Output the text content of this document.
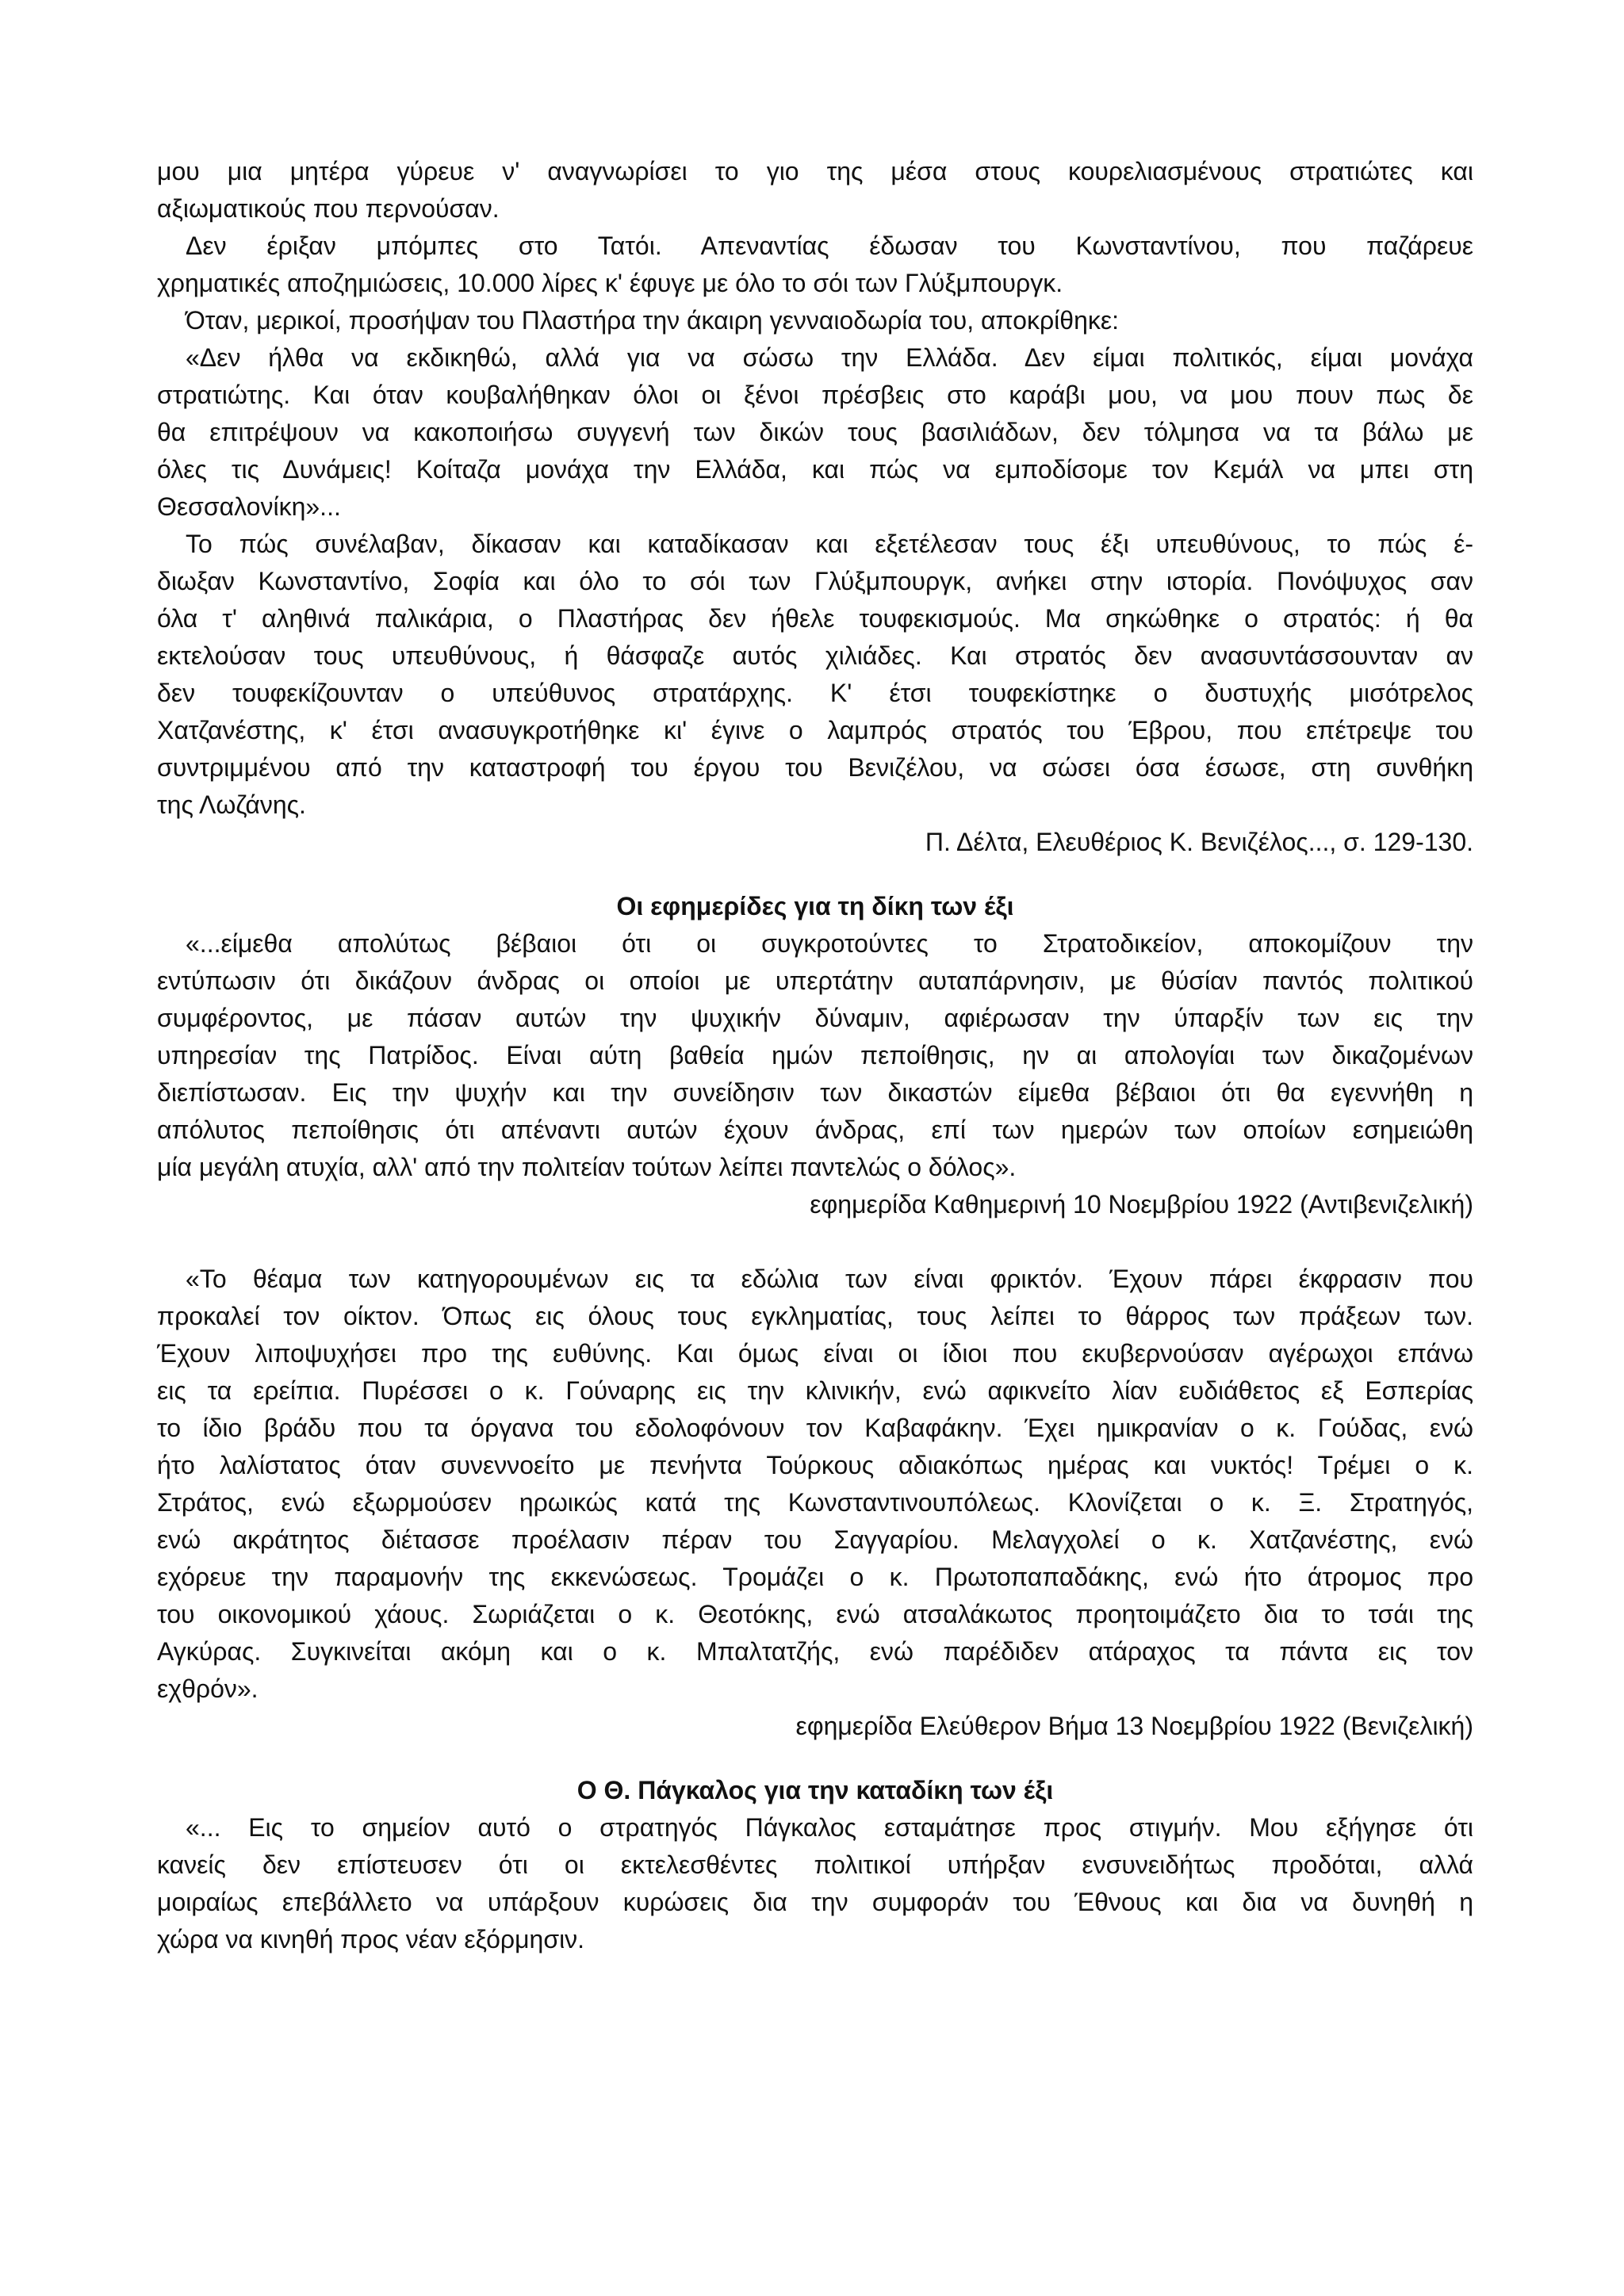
μου μια μητέρα γύρευε ν' αναγνωρίσει το γιο της μέσα στους κουρελιασμένους στρατιώτες και
αξιωματικούς που περνούσαν.
Δεν έριξαν μπόμπες στο Τατόι. Απεναντίας έδωσαν του Κωνσταντίνου, που παζάρευε
χρηματικές αποζημιώσεις, 10.000 λίρες κ' έφυγε με όλο το σόι των Γλύξμπουργκ.
Όταν, μερικοί, προσήψαν του Πλαστήρα την άκαιρη γενναιοδωρία του, αποκρίθηκε:
«Δεν ήλθα να εκδικηθώ, αλλά για να σώσω την Ελλάδα. Δεν είμαι πολιτικός, είμαι μονάχα
στρατιώτης. Και όταν κουβαλήθηκαν όλοι οι ξένοι πρέσβεις στο καράβι μου, να μου πουν πως δε
θα επιτρέψουν να κακοποιήσω συγγενή των δικών τους βασιλιάδων, δεν τόλμησα να τα βάλω με
όλες τις Δυνάμεις! Κοίταζα μονάχα την Ελλάδα, και πώς να εμποδίσομε τον Κεμάλ να μπει στη
Θεσσαλονίκη»...
Το πώς συνέλαβαν, δίκασαν και καταδίκασαν και εξετέλεσαν τους έξι υπευθύνους, το πώς έ-
διωξαν Κωνσταντίνο, Σοφία και όλο το σόι των Γλύξμπουργκ, ανήκει στην ιστορία. Πονόψυχος σαν
όλα τ' αληθινά παλικάρια, ο Πλαστήρας δεν ήθελε τουφεκισμούς. Μα σηκώθηκε ο στρατός: ή θα
εκτελούσαν τους υπευθύνους, ή θάσφαζε αυτός χιλιάδες. Και στρατός δεν ανασυντάσσουνταν αν
δεν τουφεκίζουνταν ο υπεύθυνος στρατάρχης. Κ' έτσι τουφεκίστηκε ο δυστυχής μισότρελος
Χατζανέστης, κ' έτσι ανασυγκροτήθηκε κι' έγινε ο λαμπρός στρατός του Έβρου, που επέτρεψε του
συντριμμένου από την καταστροφή του έργου του Βενιζέλου, να σώσει όσα έσωσε, στη συνθήκη
της Λωζάνης.
Π. Δέλτα, Ελευθέριος Κ. Βενιζέλος..., σ. 129-130.
Οι εφημερίδες για τη δίκη των έξι
«...είμεθα απολύτως βέβαιοι ότι οι συγκροτούντες το Στρατοδικείον, αποκομίζουν την
εντύπωσιν ότι δικάζουν άνδρας οι οποίοι με υπερτάτην αυταπάρνησιν, με θύσίαν παντός πολιτικού
συμφέροντος, με πάσαν αυτών την ψυχικήν δύναμιν, αφιέρωσαν την ύπαρξίν των εις την
υπηρεσίαν της Πατρίδος. Είναι αύτη βαθεία ημών πεποίθησις, ην αι απολογίαι των δικαζομένων
διεπίστωσαν. Εις την ψυχήν και την συνείδησιν των δικαστών είμεθα βέβαιοι ότι θα εγεννήθη η
απόλυτος πεποίθησις ότι απέναντι αυτών έχουν άνδρας, επί των ημερών των οποίων εσημειώθη
μία μεγάλη ατυχία, αλλ' από την πολιτείαν τούτων λείπει παντελώς ο δόλος».
εφημερίδα Καθημερινή 10 Νοεμβρίου 1922 (Αντιβενιζελική)
«Το θέαμα των κατηγορουμένων εις τα εδώλια των είναι φρικτόν. Έχουν πάρει έκφρασιν που
προκαλεί τον οίκτον. Όπως εις όλους τους εγκληματίας, τους λείπει το θάρρος των πράξεων των.
Έχουν λιποψυχήσει προ της ευθύνης. Και όμως είναι οι ίδιοι που εκυβερνούσαν αγέρωχοι επάνω
εις τα ερείπια. Πυρέσσει ο κ. Γούναρης εις την κλινικήν, ενώ αφικνείτο λίαν ευδιάθετος εξ Εσπερίας
το ίδιο βράδυ που τα όργανα του εδολοφόνουν τον Καβαφάκην. Έχει ημικρανίαν ο κ. Γούδας, ενώ
ήτο λαλίστατος όταν συνεννοείτο με πενήντα Τούρκους αδιακόπως ημέρας και νυκτός! Τρέμει ο κ.
Στράτος, ενώ εξωρμούσεν ηρωικώς κατά της Κωνσταντινουπόλεως. Κλονίζεται ο κ. Ξ. Στρατηγός,
ενώ ακράτητος διέτασσε προέλασιν πέραν του Σαγγαρίου. Μελαγχολεί ο κ. Χατζανέστης, ενώ
εχόρευε την παραμονήν της εκκενώσεως. Τρομάζει ο κ. Πρωτοπαπαδάκης, ενώ ήτο άτρομος προ
του οικονομικού χάους. Σωριάζεται ο κ. Θεοτόκης, ενώ ατσαλάκωτος προητοιμάζετο δια το τσάι της
Αγκύρας. Συγκινείται ακόμη και ο κ. Μπαλτατζής, ενώ παρέδιδεν ατάραχος τα πάντα εις τον
εχθρόν».
εφημερίδα Ελεύθερον Βήμα 13 Νοεμβρίου 1922 (Βενιζελική)
Ο Θ. Πάγκαλος για την καταδίκη των έξι
«... Εις το σημείον αυτό ο στρατηγός Πάγκαλος εσταμάτησε προς στιγμήν. Μου εξήγησε ότι
κανείς δεν επίστευσεν ότι οι εκτελεσθέντες πολιτικοί υπήρξαν ενσυνειδήτως προδόται, αλλά
μοιραίως επεβάλλετο να υπάρξουν κυρώσεις δια την συμφοράν του Έθνους και δια να δυνηθή η
χώρα να κινηθή προς νέαν εξόρμησιν.
